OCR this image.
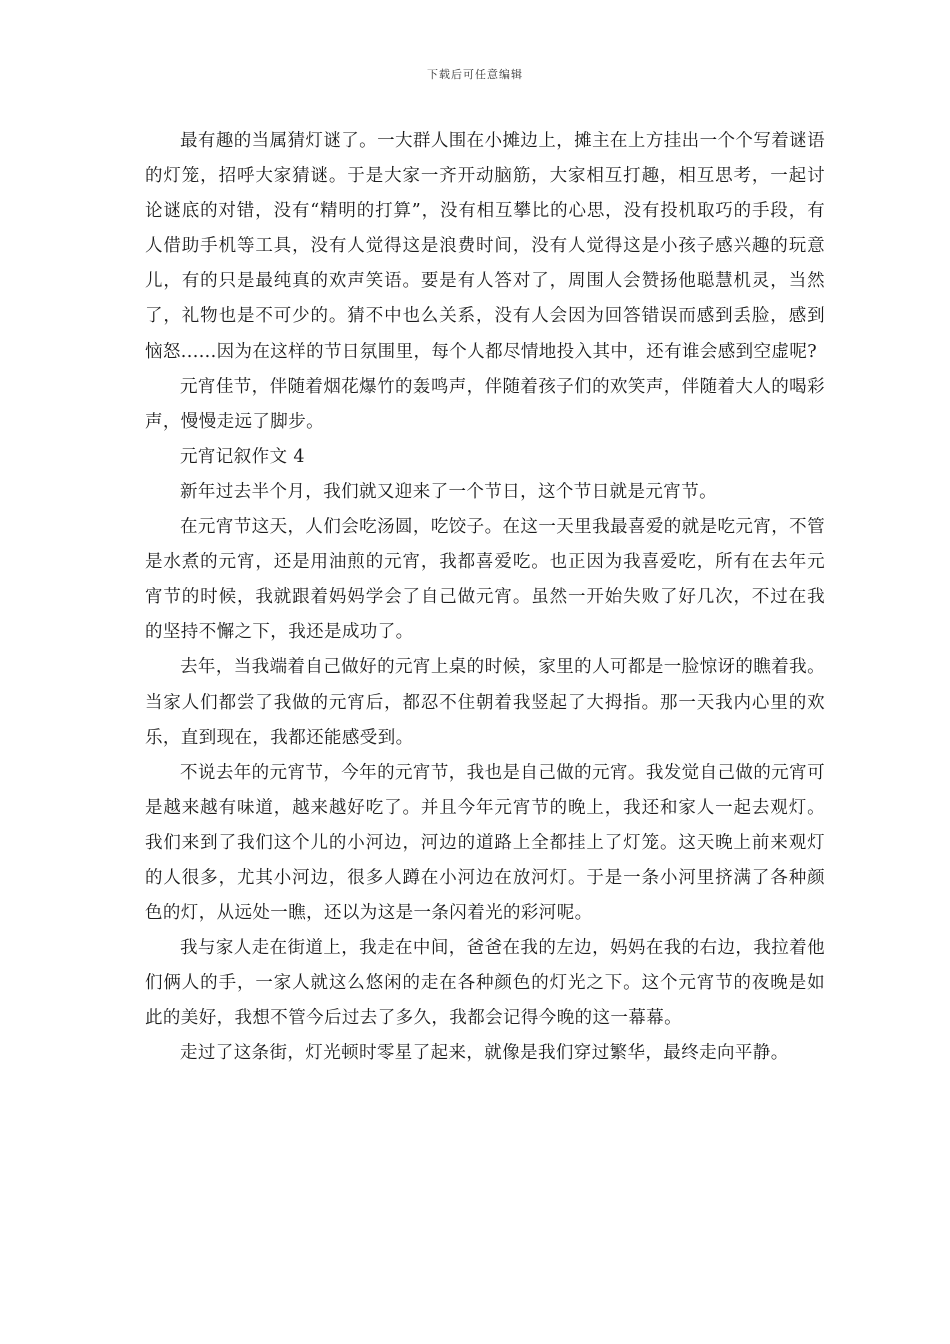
下载后可任意编辑

最有趣的当属猜灯谜了。一大群人围在小摊边上，摊主在上方挂出一个个写着谜语的灯笼，招呼大家猜谜。于是大家一齐开动脑筋，大家相互打趣，相互思考，一起讨论谜底的对错，没有“精明的打算”，没有相互攀比的心思，没有投机取巧的手段，有人借助手机等工具，没有人觉得这是浪费时间，没有人觉得这是小孩子感兴趣的玩意儿，有的只是最纯真的欢声笑语。要是有人答对了，周围人会赞扬他聪慧机灵，当然了，礼物也是不可少的。猜不中也么关系，没有人会因为回答错误而感到丢脸，感到恼怒......因为在这样的节日氛围里，每个人都尽情地投入其中，还有谁会感到空虚呢?

元宵佳节，伴随着烟花爆竹的轰鸣声，伴随着孩子们的欢笑声，伴随着大人的喝彩声，慢慢走远了脚步。

元宵记叙作文 4

新年过去半个月，我们就又迎来了一个节日，这个节日就是元宵节。

在元宵节这天，人们会吃汤圆，吃饺子。在这一天里我最喜爱的就是吃元宵，不管是水煮的元宵，还是用油煎的元宵，我都喜爱吃。也正因为我喜爱吃，所有在去年元宵节的时候，我就跟着妈妈学会了自己做元宵。虽然一开始失败了好几次，不过在我的坚持不懈之下，我还是成功了。

去年，当我端着自己做好的元宵上桌的时候，家里的人可都是一脸惊讶的瞧着我。当家人们都尝了我做的元宵后，都忍不住朝着我竖起了大拇指。那一天我内心里的欢乐，直到现在，我都还能感受到。

不说去年的元宵节，今年的元宵节，我也是自己做的元宵。我发觉自己做的元宵可是越来越有味道，越来越好吃了。并且今年元宵节的晚上，我还和家人一起去观灯。我们来到了我们这个儿的小河边，河边的道路上全都挂上了灯笼。这天晚上前来观灯的人很多，尤其小河边，很多人蹲在小河边在放河灯。于是一条小河里挤满了各种颜色的灯，从远处一瞧，还以为这是一条闪着光的彩河呢。

我与家人走在街道上，我走在中间，爸爸在我的左边，妈妈在我的右边，我拉着他们俩人的手，一家人就这么悠闲的走在各种颜色的灯光之下。这个元宵节的夜晚是如此的美好，我想不管今后过去了多久，我都会记得今晚的这一幕幕。

走过了这条街，灯光顿时零星了起来，就像是我们穿过繁华，最终走向平静。
